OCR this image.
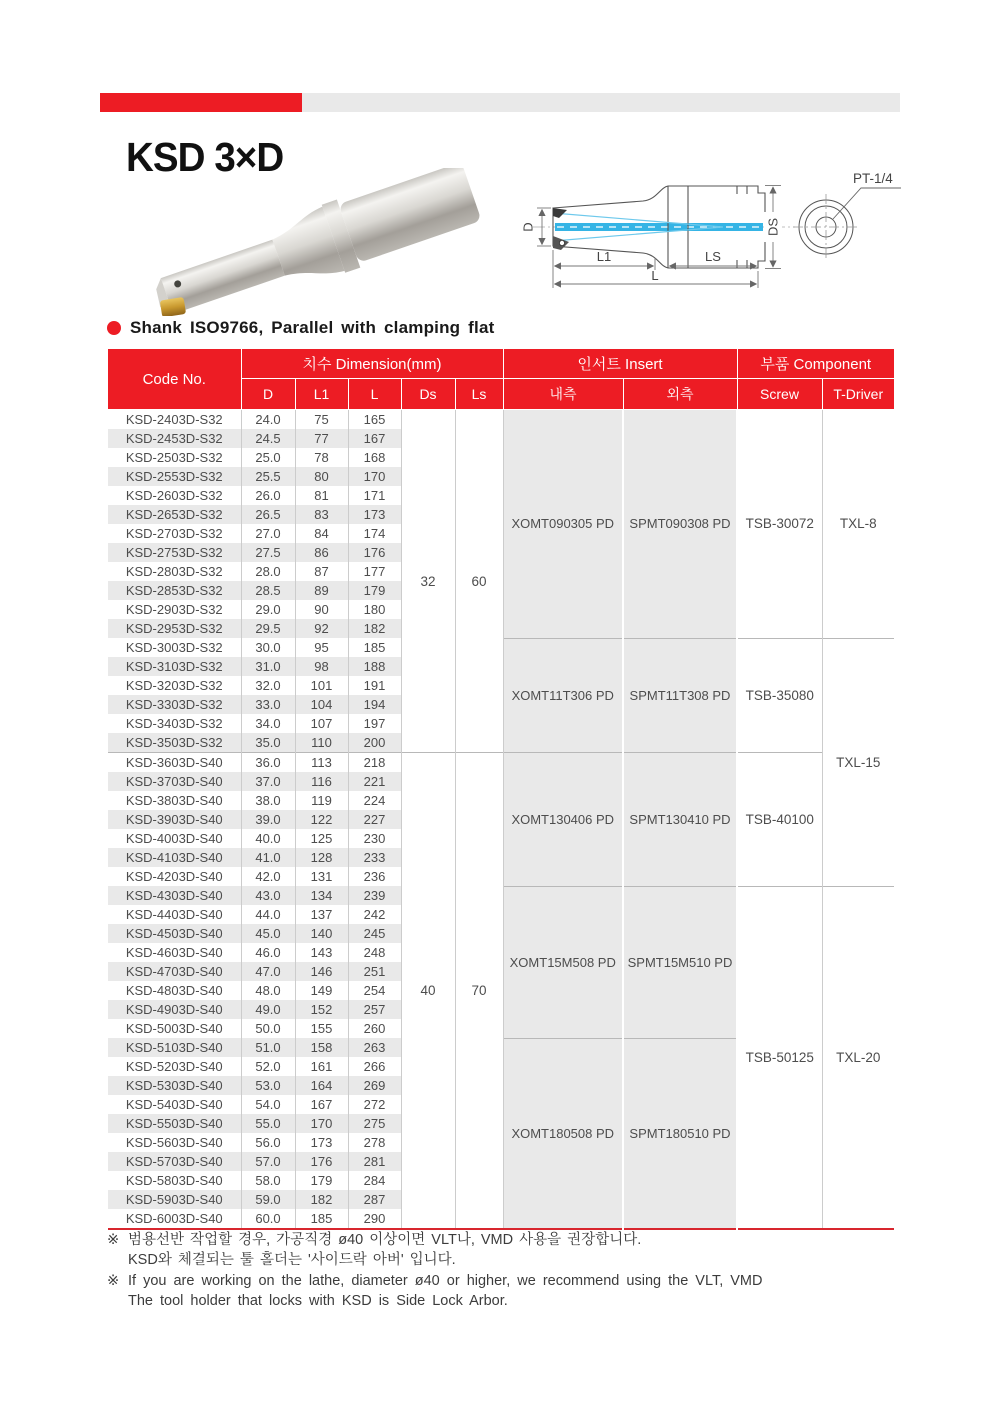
KSD 3×D
D
L1	LS
L
DS
PT-1/4
Shank ISO9766, Parallel with clamping flat
Code No.	치수 Dimension(mm)					인서트 Insert		부품 Component	
	D	L1	L	Ds	Ls	내측	외측	Screw	T-Driver
KSD-2403D-S32	24.0	75	165	32	60	XOMT090305 PD	SPMT090308 PD	TSB-30072	TXL-8
KSD-2453D-S32	24.5	77	167						
KSD-2503D-S32	25.0	78	168						
KSD-2553D-S32	25.5	80	170						
KSD-2603D-S32	26.0	81	171						
KSD-2653D-S32	26.5	83	173						
KSD-2703D-S32	27.0	84	174						
KSD-2753D-S32	27.5	86	176						
KSD-2803D-S32	28.0	87	177						
KSD-2853D-S32	28.5	89	179						
KSD-2903D-S32	29.0	90	180						
KSD-2953D-S32	29.5	92	182						
KSD-3003D-S32	30.0	95	185			XOMT11T306 PD	SPMT11T308 PD	TSB-35080	TXL-15
KSD-3103D-S32	31.0	98	188						
KSD-3203D-S32	32.0	101	191						
KSD-3303D-S32	33.0	104	194						
KSD-3403D-S32	34.0	107	197						
KSD-3503D-S32	35.0	110	200						
KSD-3603D-S40	36.0	113	218	40	70	XOMT130406 PD	SPMT130410 PD	TSB-40100	
KSD-3703D-S40	37.0	116	221						
KSD-3803D-S40	38.0	119	224						
KSD-3903D-S40	39.0	122	227						
KSD-4003D-S40	40.0	125	230						
KSD-4103D-S40	41.0	128	233						
KSD-4203D-S40	42.0	131	236						
KSD-4303D-S40	43.0	134	239			XOMT15M508 PD	SPMT15M510 PD	TSB-50125	TXL-20
KSD-4403D-S40	44.0	137	242						
KSD-4503D-S40	45.0	140	245						
KSD-4603D-S40	46.0	143	248						
KSD-4703D-S40	47.0	146	251						
KSD-4803D-S40	48.0	149	254						
KSD-4903D-S40	49.0	152	257						
KSD-5003D-S40	50.0	155	260						
KSD-5103D-S40	51.0	158	263			XOMT180508 PD	SPMT180510 PD		
KSD-5203D-S40	52.0	161	266						
KSD-5303D-S40	53.0	164	269						
KSD-5403D-S40	54.0	167	272						
KSD-5503D-S40	55.0	170	275						
KSD-5603D-S40	56.0	173	278						
KSD-5703D-S40	57.0	176	281						
KSD-5803D-S40	58.0	179	284						
KSD-5903D-S40	59.0	182	287						
KSD-6003D-S40	60.0	185	290						
※ 범용선반 작업할 경우, 가공직경 ø40 이상이면 VLT나, VMD 사용을 권장합니다.
KSD와 체결되는 툴 홀더는 '사이드락 아버' 입니다.
※ If you are working on the lathe, diameter ø40 or higher, we recommend using the VLT, VMD
The tool holder that locks with KSD is Side Lock Arbor.
